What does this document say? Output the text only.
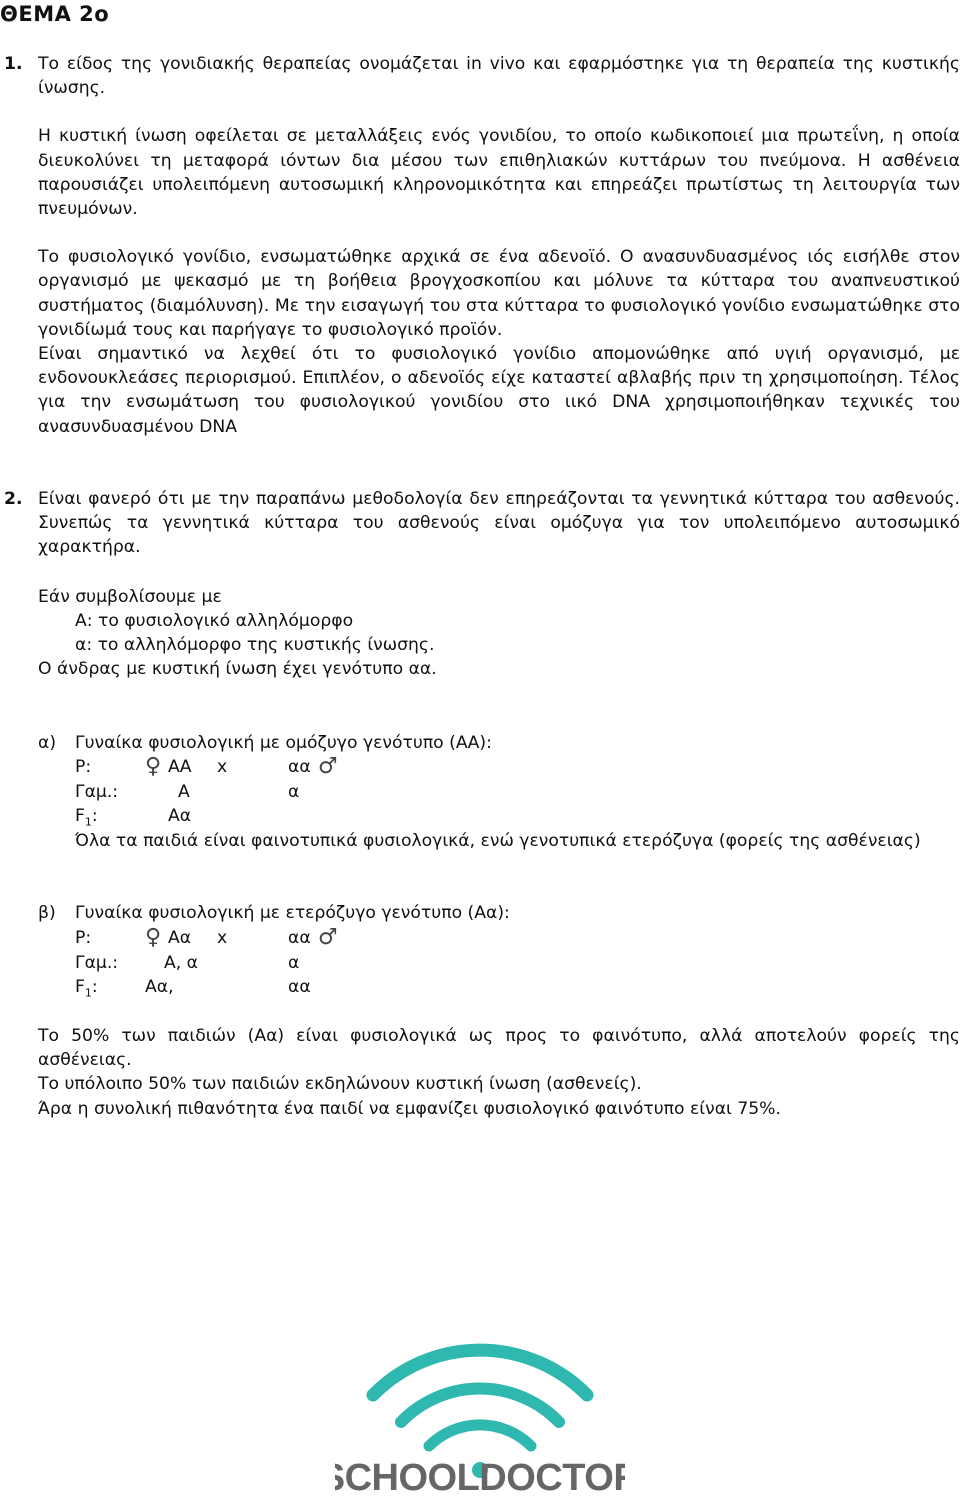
ΘΕΜΑ 2ο
1. Το είδος της γονιδιακής θεραπείας ονομάζεται in vivo και εφαρμόστηκε για τη θεραπεία της κυστικής ίνωσης.

Η κυστική ίνωση οφείλεται σε μεταλλάξεις ενός γονιδίου, το οποίο κωδικοποιεί μια πρωτεΐνη, η οποία διευκολύνει τη μεταφορά ιόντων δια μέσου των επιθηλιακών κυττάρων του πνεύμονα. Η ασθένεια παρουσιάζει υπολειπόμενη αυτοσωμική κληρονομικότητα και επηρεάζει πρωτίστως τη λειτουργία των πνευμόνων.

Το φυσιολογικό γονίδιο, ενσωματώθηκε αρχικά σε ένα αδενοϊό. Ο ανασυνδυασμένος ιός εισήλθε στον οργανισμό με ψεκασμό με τη βοήθεια βρογχοσκοπίου και μόλυνε τα κύτταρα του αναπνευστικού συστήματος (διαμόλυνση). Με την εισαγωγή του στα κύτταρα το φυσιολογικό γονίδιο ενσωματώθηκε στο γονιδίωμά τους και παρήγαγε το φυσιολογικό προϊόν.

Είναι σημαντικό να λεχθεί ότι το φυσιολογικό γονίδιο απομονώθηκε από υγιή οργανισμό, με ενδονουκλεάσες περιορισμού. Επιπλέον, ο αδενοϊός είχε καταστεί αβλαβής πριν τη χρησιμοποίηση. Τέλος για την ενσωμάτωση του φυσιολογικού γονιδίου στο ιικό DNA χρησιμοποιήθηκαν τεχνικές του ανασυνδυασμένου DNA

2. Είναι φανερό ότι με την παραπάνω μεθοδολογία δεν επηρεάζονται τα γεννητικά κύτταρα του ασθενούς. Συνεπώς τα γεννητικά κύτταρα του ασθενούς είναι ομόζυγα για τον υπολειπόμενο αυτοσωμικό χαρακτήρα.

Εάν συμβολίσουμε με
Α: το φυσιολογικό αλληλόμορφο
α: το αλληλόμορφο της κυστικής ίνωσης.
Ο άνδρας με κυστική ίνωση έχει γενότυπο αα.
α) Γυναίκα φυσιολογική με ομόζυγο γενότυπο (ΑΑ):
Ρ: ♀ ΑΑ x	αα ♂
Γαμ.:	Α	α
$F_1$:	Αα

Όλα τα παιδιά είναι φαινοτυπικά φυσιολογικά, ενώ γενοτυπικά ετερόζυγα (φορείς της ασθένειας)

β) Γυναίκα φυσιολογική με ετερόζυγο γενότυπο (Αα):
Ρ: ♀ Αα x	αα ♂
Γαμ.:	Α, α	α
$F_1$:	Αα,	αα

Το 50% των παιδιών (Αα) είναι φυσιολογικά ως προς το φαινότυπο, αλλά αποτελούν φορείς της ασθένειας.

Το υπόλοιπο 50% των παιδιών εκδηλώνουν κυστική ίνωση (ασθενείς).

Άρα η συνολική πιθανότητα ένα παιδί να εμφανίζει φυσιολογικό φαινότυπο είναι 75%.

SCHOOLDOCTOR
